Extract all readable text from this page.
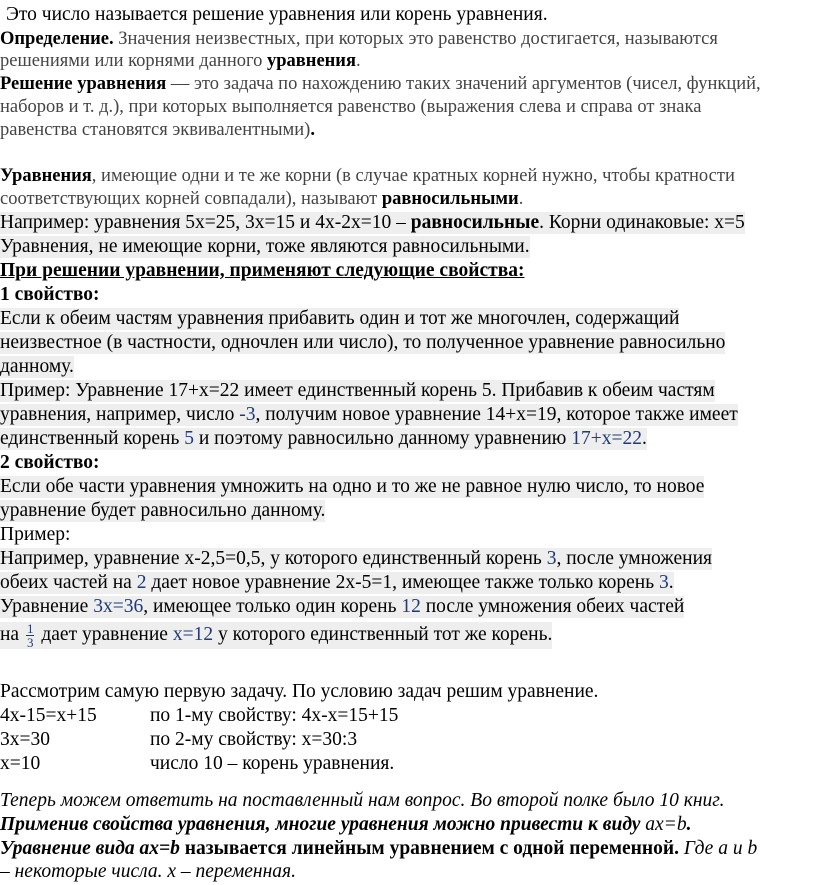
Это число называется решение уравнения или корень уравнения.
Определение. Значения неизвестных, при которых это равенство достигается, называются
решениями или корнями данного уравнения.
Решение уравнения — это задача по нахождению таких значений аргументов (чисел, функций,
наборов и т. д.), при которых выполняется равенство (выражения слева и справа от знака
равенства становятся эквивалентными).
Уравнения, имеющие одни и те же корни (в случае кратных корней нужно, чтобы кратности
соответствующих корней совпадали), называют равносильными.
Например: уравнения 5х=25, 3х=15 и 4х-2х=10 – равносильные. Корни одинаковые: х=5
Уравнения, не имеющие корни, тоже являются равносильными.
При решении уравнении, применяют следующие свойства:
1 свойство:
Если к обеим частям уравнения прибавить один и тот же многочлен, содержащий
неизвестное (в частности, одночлен или число), то полученное уравнение равносильно
данному.
Пример: Уравнение 17+х=22 имеет единственный корень 5. Прибавив к обеим частям
уравнения, например, число -3, получим новое уравнение 14+х=19, которое также имеет
единственный корень 5 и поэтому равносильно данному уравнению 17+х=22.
2 свойство:
Если обе части уравнения умножить на одно и то же не равное нулю число, то новое
уравнение будет равносильно данному.
Пример:
Например, уравнение х-2,5=0,5, у которого единственный корень 3, после умножения
обеих частей на 2 дает новое уравнение 2х-5=1, имеющее также только корень 3.
Уравнение 3х=36, имеющее только один корень 12 после умножения обеих частей
на $\frac{1}{3}$ дает уравнение х=12 у которого единственный тот же корень.
Рассмотрим самую первую задачу. По условию задач решим уравнение.
4х-15=х+15	по 1-му свойству: 4х-х=15+15
3х=30	по 2-му свойству: х=30:3
х=10	число 10 – корень уравнения.
Теперь можем ответить на поставленный нам вопрос. Во второй полке было 10 книг.
Применив свойства уравнения, многие уравнения можно привести к виду ах=b.
Уравнение вида ах=b называется линейным уравнением с одной переменной. Где a и b
– некоторые числа. х – переменная.
